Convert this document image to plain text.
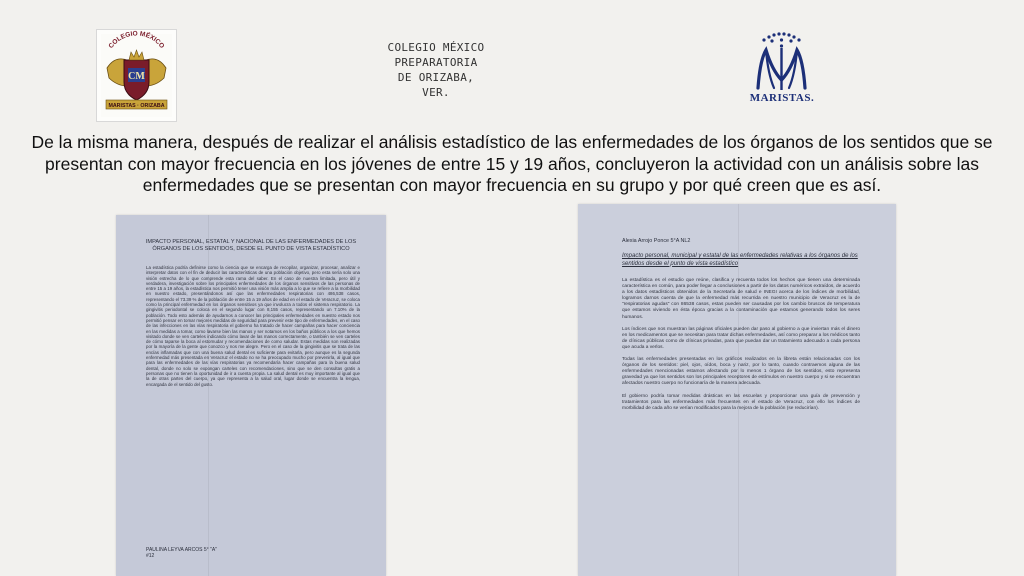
COLEGIO MÉXICO
CM
MARISTAS · ORIZABA
COLEGIO MÉXICO
PREPARATORIA
DE ORIZABA,
VER.	MARISTAS.
De la misma manera, después de realizar el análisis estadístico de las enfermedades de los órganos de los sentidos que se presentan con mayor frecuencia en los jóvenes de entre 15 y 19 años, concluyeron la actividad con un análisis sobre las enfermedades que se presentan con mayor frecuencia en su grupo y por qué creen que es así.
IMPACTO PERSONAL, ESTATAL Y NACIONAL DE LAS ENFERMEDADES DE LOS ÓRGANOS DE LOS SENTIDOS, DESDE EL PUNTO DE VISTA ESTADÍSTICO
La estadística podría definirse como la ciencia que se encarga de recopilar, organizar, procesar, analizar e interpretar datos con el fin de deducir las características de una población objetivo, pero esta sería solo una visión estrecha de lo que comprende esta rama del saber. En el caso de nuestra limitada, pero útil y verdadera, investigación sobre los principales enfermedades de los órganos sensitivos de las personas de entre 15 a 19 años, la estadística nos permitió tener una visión más amplia a lo que se refiere a la morbilidad en nuestro estado, presentándonos así que las enfermedades respiratorias con 486,538 casos, representando el 73.39 % de la población de entre 15 a 19 años de edad en el estado de Veracruz, se coloca como la principal enfermedad en los órganos sensitivos ya que involucra a todos el sistema respiratorio. La gingivitis periodontal se coloca en el segundo lugar con 8,155 casos, representando un 7.10% de la población. Todo esto además de ayudarnos a conocer las principales enfermedades en nuestro estado nos permitió pensar en tomar mejores medidas de seguridad para prevenir este tipo de enfermedades, en el caso de las infecciones en las vías respiratoria el gobierno ha tratado de hacer campañas para hacer conciencia en las medidas a tomar, como lavarse bien las manos y ser notamos en los baños públicos a los que hemos visitado donde se ven carteles indicando cómo lavar de las manos correctamente, o también se ven carteles de cómo taparse la boca al estornudar y recomendaciones de como saludar. Estas medidas son realizadas por la mayoría de la gente que conozco y nos me alegre. Pero en el caso de la gingivitis que se trata de las encías inflamadas que con una buena salud dental es suficiente para evitarla, pero aunque es la segunda enfermedad más presentada en Veracruz el estado no se ha preocupado mucho por prevenirla, al igual que para las enfermedades de las vías respiratorias ya recomendaría hacer campañas para la buena salud dental, donde no solo se expongan carteles con recomendaciones, sino que se den consultas gratis a personas que no tienen la oportunidad de ir a cuenta propia. La salud dental es muy importante al igual que la de otras partes del cuerpo, ya que representa a la salud oral, lugar donde se encuentra la lengua, encargada de el sentido del gusto.
PAULINA LEYVA ARCOS 5° "A"
#12
Alexia Arrojo Ponce 5°A NL2
Impacto personal, municipal y estatal de las enfermedades relativas a los órganos de los sentidos desde el punto de vista estadístico

La estadística es el estudio que reúne, clasifica y recuenta todos los hechos que tienen una determinada característica en común, para poder llegar a conclusiones a partir de los datos numéricos extraídos, de acuerdo a los datos estadísticos obtenidos de la Secretaría de salud e INEGI acerca de los índices de morbilidad, logramos darnos cuenta de que la enfermedad más recurrida en nuestro municipio de Veracruz es la de "respiratorias agudas" con 86538 casos, estas pueden ser causadas por los cambio bruscos de temperatura que estamos viviendo en ésta época gracias a la contaminación que estamos generando todos los seres humanos.

Los índices que nos muestran las páginas oficiales pueden dar paso al gobierno a que inviertan más el dinero en los medicamentos que se necesitan para tratar dichas enfermedades, así como preparar a los médicos tanto de clínicas públicas como de clínicas privadas, para que puedan dar un tratamiento adecuado a cada persona que acuda a verlos.

Todas las enfermedades presentadas en los gráficos realizados en la libreta están relacionadas con los órganos de los sentidos: piel, ojos, oídos, boca y nariz, por lo tanto, cuando contraemos alguna de las enfermedades mencionadas estamos afectando por lo menos 1 órgano de los sentidos, esto representa gravedad ya que los sentidos son los principales receptores de estímulos en nuestro cuerpo y si se encuentran afectados nuestro cuerpo no funcionaría de la manera adecuada.

El gobierno podría tomar medidas drásticas en las escuelas y proporcionar una guía de prevención y tratamientos para las enfermedades más frecuentes en el estado de Veracruz, con ello los índices de morbilidad de cada año se verían modificados para la mejora de la población (se reducirían).
